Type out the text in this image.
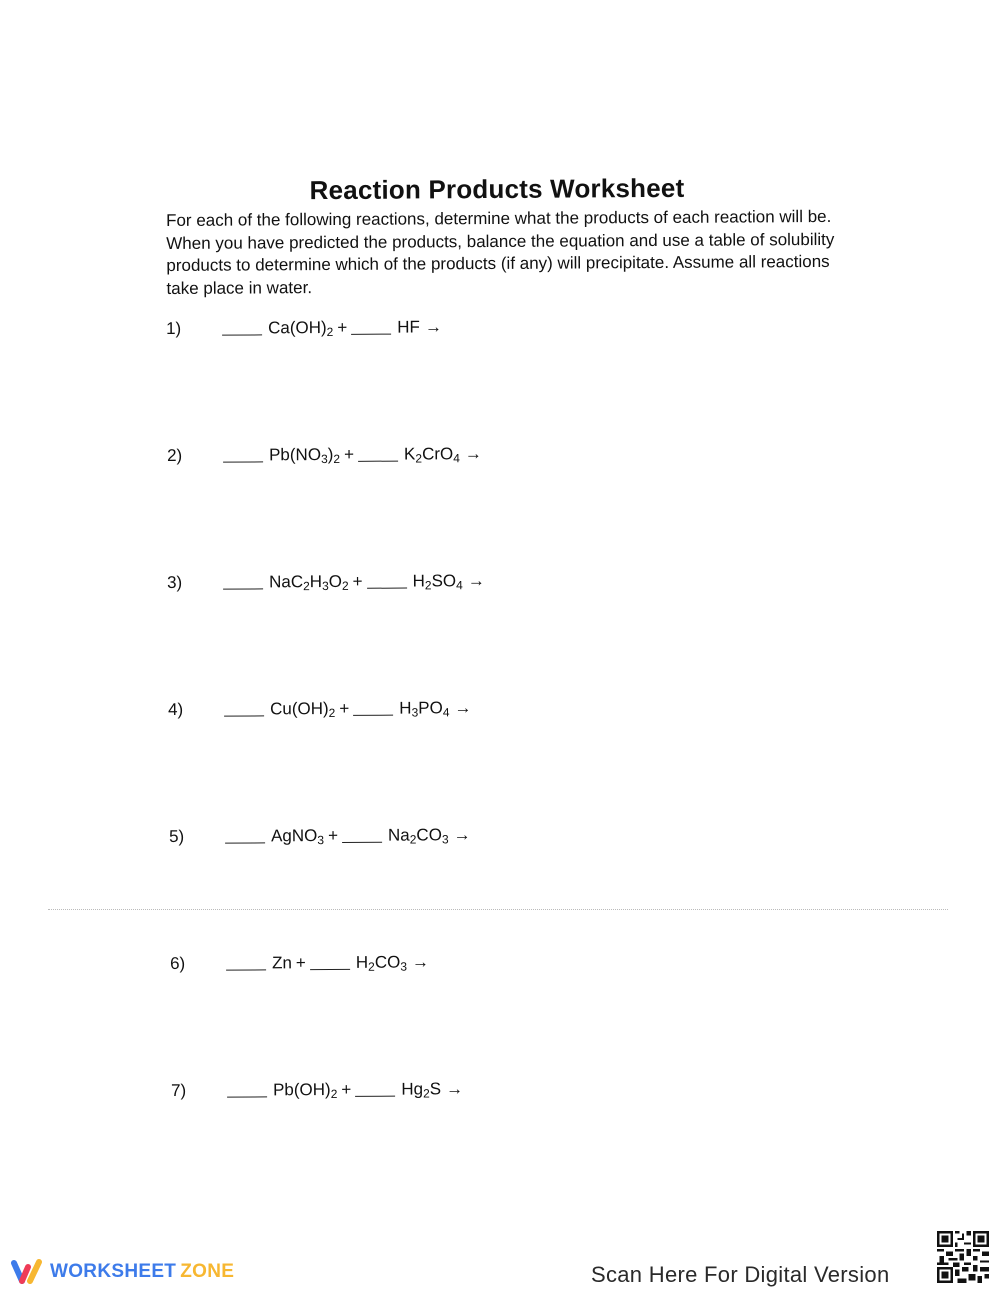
Reaction Products Worksheet

For each of the following reactions, determine what the products of each reaction will be. When you have predicted the products, balance the equation and use a table of solubility products to determine which of the products (if any) will precipitate. Assume all reactions take place in water.

1)	$Ca(OH)_2$ +	HF →
2)	$Pb(NO_3)_2$ +	$K_2CrO_4$ →
3)	$NaC_2H_3O_2$ +	$H_2SO_4$ →
4)	$Cu(OH)_2$ +	$H_3PO_4$ →
5)	AgNO$_3$ +	$Na_2CO_3$ →
6)	Zn +	$H_2CO_3$ →
7)	$Pb(OH)_2$ +	$Hg_2S$ →
WORKSHEET ZONE	Scan Here For Digital Version
